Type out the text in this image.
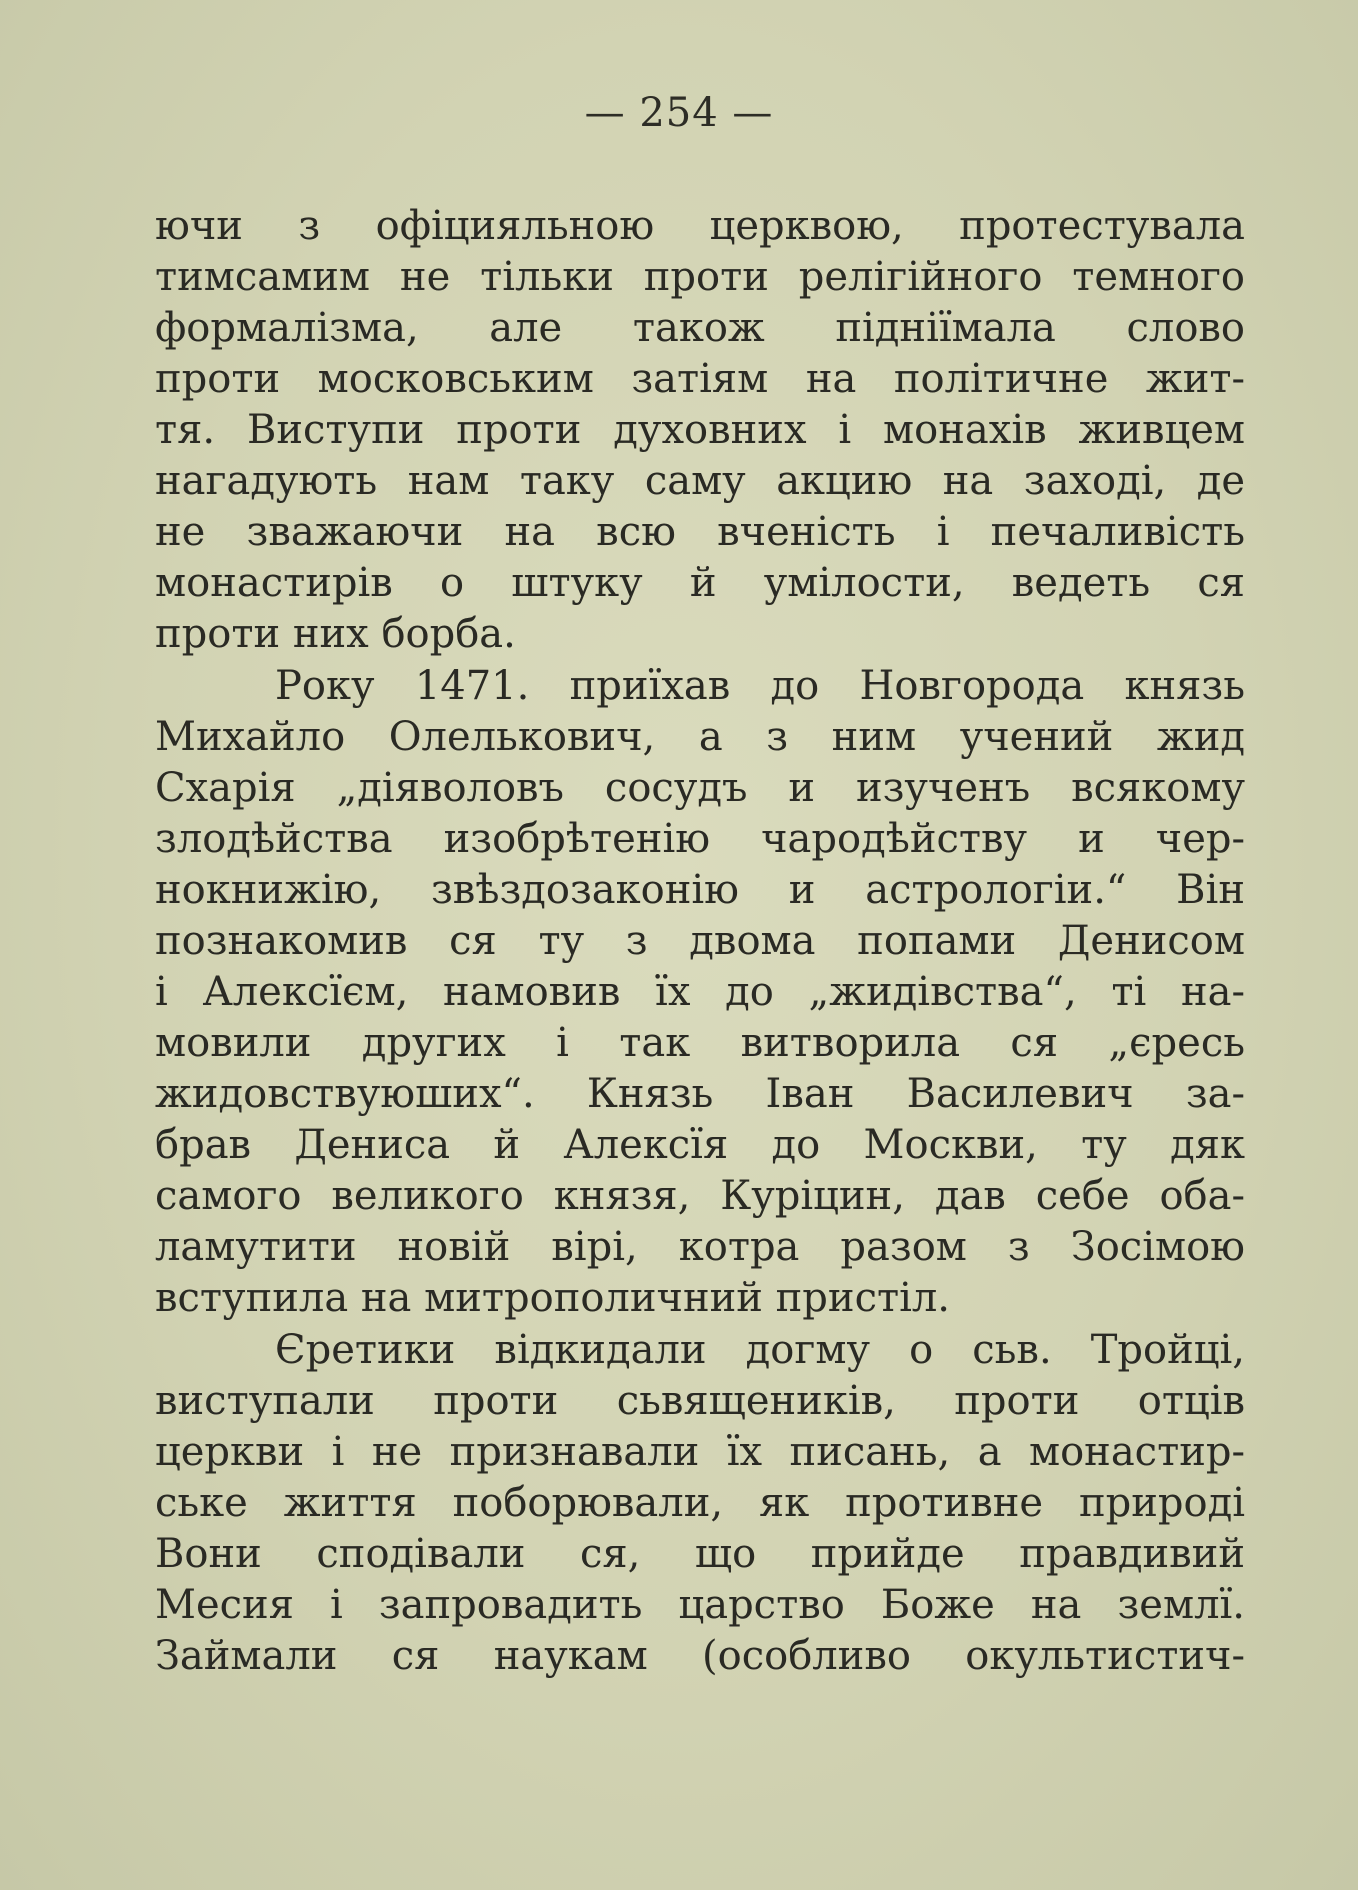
— 254 —
ючи з офіцияльною церквою, протестувала
тимсамим не тільки проти релігійного темного
формалізма, але також підніїмала слово
проти московським затіям на політичне жит-
тя. Виступи проти духовних і монахів живцем
нагадують нам таку саму акцию на заході, де
не зважаючи на всю вченість і печаливість
монастирів о штуку й умілости, ведеть ся
проти них борба.
Року 1471. приїхав до Новгорода князь
Михайло Олелькович, а з ним учений жид
Схарія „діяволовъ сосудъ и изученъ всякому
злодѣйства изобрѣтенію чародѣйству и чер-
нокнижію, звѣздозаконію и астрологіи.“ Він
познакомив ся ту з двома попами Денисом
і Алексїєм, намовив їх до „жидівства“, ті на-
мовили других і так витворила ся „єресь
жидовствуюших“. Князь Іван Василевич за-
брав Дениса й Алексїя до Москви, ту дяк
самого великого князя, Куріцин, дав себе оба-
ламутити новій вірі, котра разом з Зосімою
вступила на митрополичний пристіл.
Єретики відкидали догму о сьв. Тройці,
виступали проти сьвящеників, проти отців
церкви і не признавали їх писань, а монастир-
ське життя поборювали, як противне природі
Вони сподівали ся, що прийде правдивий
Месия і запровадить царство Боже на землї.
Займали ся наукам (особливо окультистич-
